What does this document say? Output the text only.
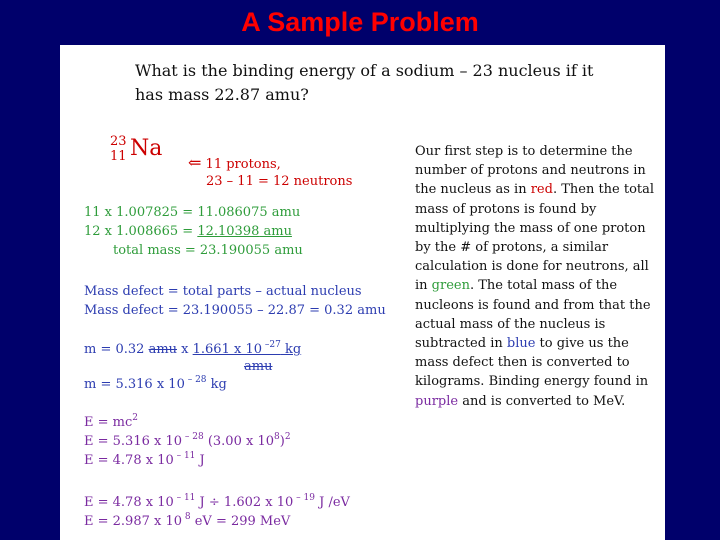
A Sample Problem
What is the binding energy of a sodium – 23 nucleus if it
has mass 22.87 amu?
23
11 Na
⇐ 11 protons,
23 – 11 = 12 neutrons
11 x 1.007825 = 11.086075 amu
12 x 1.008665 = 12.10398 amu
total mass = 23.190055 amu
Mass defect = total parts – actual nucleus
Mass defect = 23.190055 – 22.87 = 0.32 amu
m = 0.32 amu x 1.661 x 10 $^{-27}$ kg
amu
m = 5.316 x 10 $^{- 28}$ kg
$E = mc^2$
E = 5.316 x 10 $^{- 28}$ (3.00 x $10^8)^2$
E = 4.78 x 10 $^{- 11}$ J
E = 4.78 x 10 $^{- 11}$ J ÷ 1.602 x 10 $^{- 19}$ J /eV
E = 2.987 x 10 $^8$ eV = 299 MeV
Our first step is to determine the number of protons and neutrons in the nucleus as in red. Then the total mass of protons is found by multiplying the mass of one proton by the # of protons, a similar calculation is done for neutrons, all in green. The total mass of the nucleons is found and from that the actual mass of the nucleus is subtracted in blue to give us the mass defect then is converted to kilograms. Binding energy found in purple and is converted to MeV.
